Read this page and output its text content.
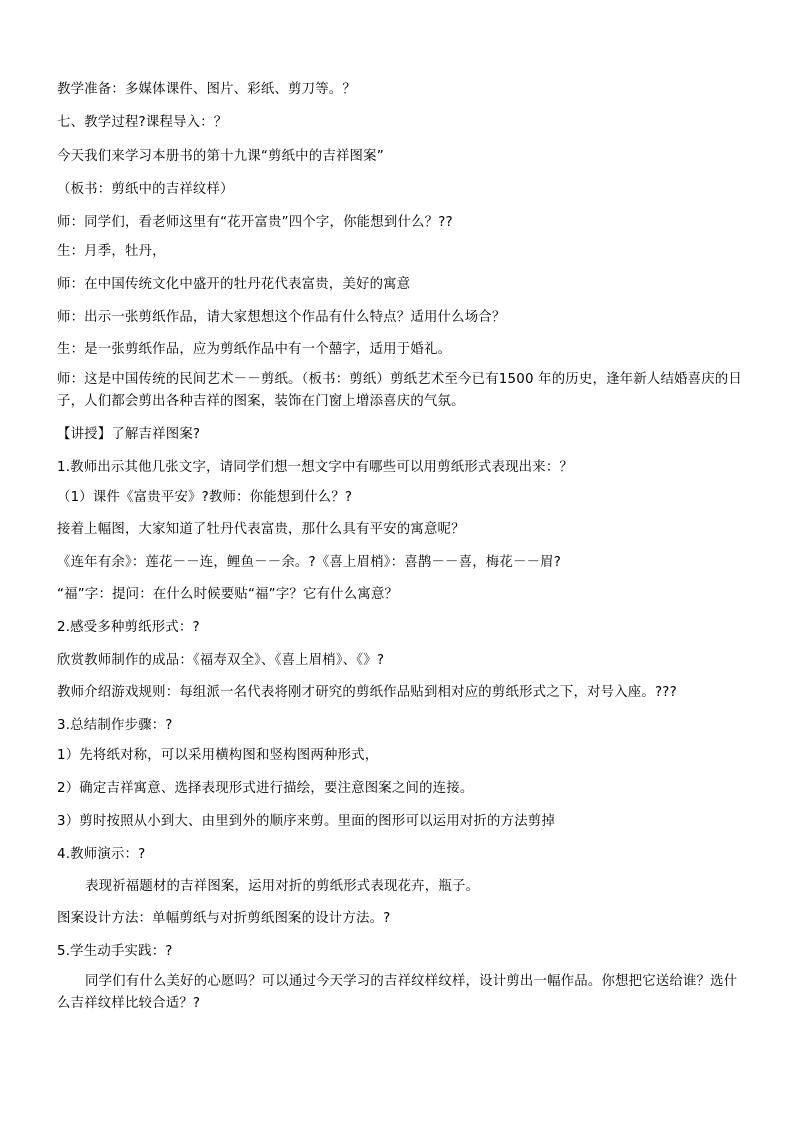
教学准备：多媒体课件、图片、彩纸、剪刀等。？
七、教学过程?课程导入：？
今天我们来学习本册书的第十九课“剪纸中的吉祥图案”
（板书：剪纸中的吉祥纹样）
师：同学们，看老师这里有“花开富贵”四个字，你能想到什么？??
生：月季，牡丹，
师：在中国传统文化中盛开的牡丹花代表富贵，美好的寓意
师：出示一张剪纸作品，请大家想想这个作品有什么特点？适用什么场合？
生：是一张剪纸作品，应为剪纸作品中有一个囍字，适用于婚礼。
师：这是中国传统的民间艺术－－剪纸。（板书：剪纸）剪纸艺术至今已有1500 年的历史，逢年新人结婚喜庆的日子，人们都会剪出各种吉祥的图案，装饰在门窗上增添喜庆的气氛。
【讲授】了解吉祥图案?
1.教师出示其他几张文字，请同学们想一想文字中有哪些可以用剪纸形式表现出来：？
（1）课件《富贵平安》?教师：你能想到什么？?
接着上幅图，大家知道了牡丹代表富贵，那什么具有平安的寓意呢？
《连年有余》：莲花－－连，鲤鱼－－余。?《喜上眉梢》：喜鹊－－喜，梅花－－眉?
“福”字：提问：在什么时候要贴“福”字？它有什么寓意？
2.感受多种剪纸形式：?
欣赏教师制作的成品：《福寿双全》、《喜上眉梢》、《》?
教师介绍游戏规则：每组派一名代表将刚才研究的剪纸作品贴到相对应的剪纸形式之下，对号入座。???
3.总结制作步骤：?
1）先将纸对称，可以采用横构图和竖构图两种形式，
2）确定吉祥寓意、选择表现形式进行描绘，要注意图案之间的连接。
3）剪时按照从小到大、由里到外的顺序来剪。里面的图形可以运用对折的方法剪掉
4.教师演示：?
表现祈福题材的吉祥图案，运用对折的剪纸形式表现花卉，瓶子。
图案设计方法：单幅剪纸与对折剪纸图案的设计方法。?
5.学生动手实践：?
同学们有什么美好的心愿吗？可以通过今天学习的吉祥纹样纹样，设计剪出一幅作品。你想把它送给谁？选什么吉祥纹样比较合适？?
